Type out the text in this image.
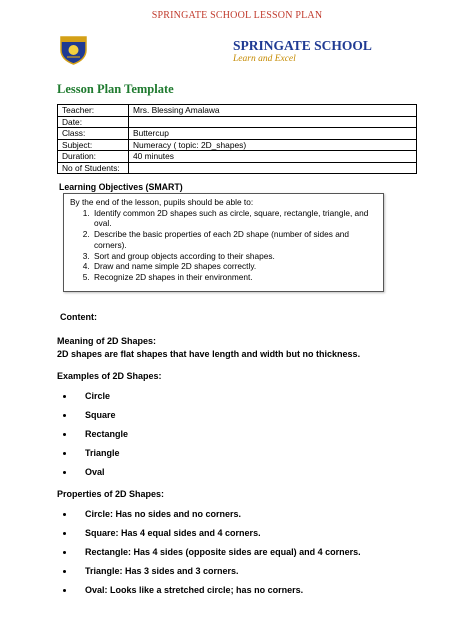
SPRINGATE SCHOOL LESSON PLAN
SPRINGATE SCHOOL
Learn and Excel
Lesson Plan Template
Teacher:	Mrs. Blessing Amalawa
Date:	
Class:	Buttercup
Subject:	Numeracy ( topic: 2D_shapes)
Duration:	40 minutes
No of Students:	
Learning Objectives (SMART)
By the end of the lesson, pupils should be able to:
1. Identify common 2D shapes such as circle, square, rectangle, triangle, and oval.
2. Describe the basic properties of each 2D shape (number of sides and corners).
3. Sort and group objects according to their shapes.
4. Draw and name simple 2D shapes correctly.
5. Recognize 2D shapes in their environment.

Content:

Meaning of 2D Shapes:

2D shapes are flat shapes that have length and width but no thickness.

Examples of 2D Shapes:

• Circle
• Square
• Rectangle
• Triangle
• Oval

Properties of 2D Shapes:

• Circle: Has no sides and no corners.
• Square: Has 4 equal sides and 4 corners.
• Rectangle: Has 4 sides (opposite sides are equal) and 4 corners.
• Triangle: Has 3 sides and 3 corners.
• Oval: Looks like a stretched circle; has no corners.
